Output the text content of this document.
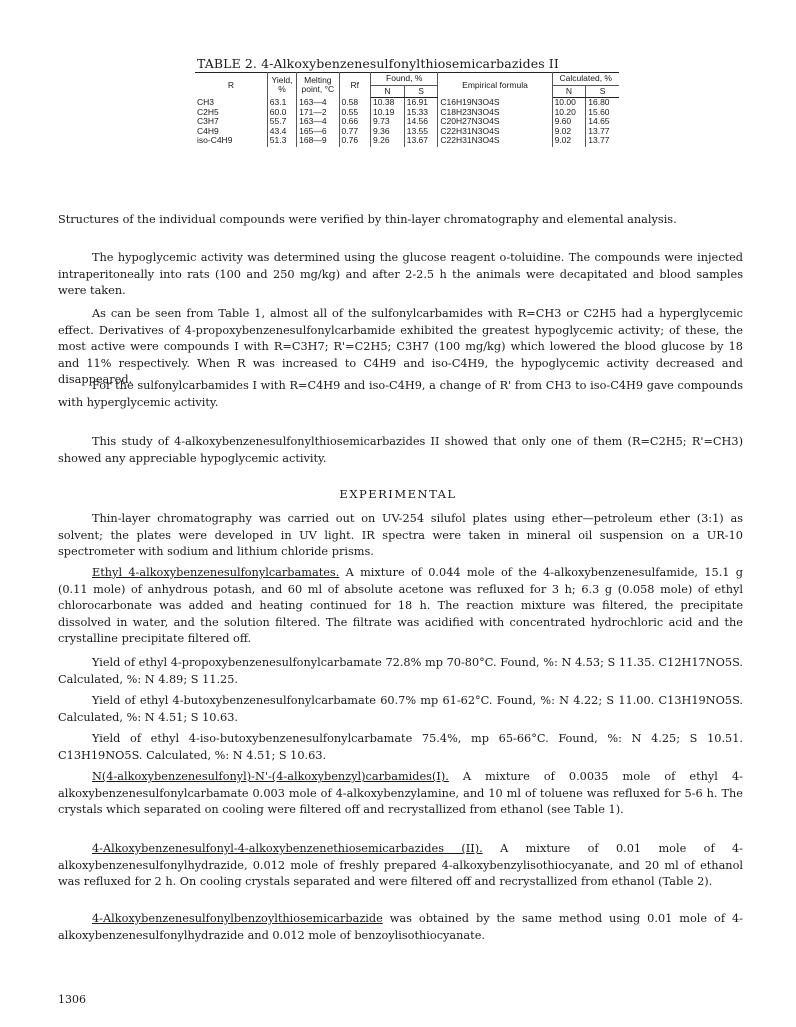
TABLE 2. 4-Alkoxybenzenesulfonylthiosemicarbazides II
R	Yield, %	Melting point, °C	Rf	Found, %		Empirical formula	Calculated, %	
				N	S		N	S
CH3	63.1	163—4	0.58	10.38	16.91	C16H19N3O4S	10.00	16.80
C2H5	60.0	171—2	0.55	10.19	15.33	C18H23N3O4S	10.20	15.60
C3H7	55.7	163—4	0.66	9.73	14.56	C20H27N3O4S	9.60	14.65
C4H9	43.4	165—6	0.77	9.36	13.55	C22H31N3O4S	9.02	13.77
iso-C4H9	51.3	168—9	0.76	9.26	13.67	C22H31N3O4S	9.02	13.77

Structures of the individual compounds were verified by thin-layer chromatography and elemental analysis.

The hypoglycemic activity was determined using the glucose reagent o-toluidine. The compounds were injected intraperitoneally into rats (100 and 250 mg/kg) and after 2-2.5 h the animals were decapitated and blood samples were taken.

As can be seen from Table 1, almost all of the sulfonylcarbamides with R=CH3 or C2H5 had a hyperglycemic effect. Derivatives of 4-propoxybenzenesulfonylcarbamide exhibited the greatest hypoglycemic activity; of these, the most active were compounds I with R=C3H7; R'=C2H5; C3H7 (100 mg/kg) which lowered the blood glucose by 18 and 11% respectively. When R was increased to C4H9 and iso-C4H9, the hypoglycemic activity decreased and disappeared.

For the sulfonylcarbamides I with R=C4H9 and iso-C4H9, a change of R' from CH3 to iso-C4H9 gave compounds with hyperglycemic activity.

This study of 4-alkoxybenzenesulfonylthiosemicarbazides II showed that only one of them (R=C2H5; R'=CH3) showed any appreciable hypoglycemic activity.

EXPERIMENTAL

Thin-layer chromatography was carried out on UV-254 silufol plates using ether—petroleum ether (3:1) as solvent; the plates were developed in UV light. IR spectra were taken in mineral oil suspension on a UR-10 spectrometer with sodium and lithium chloride prisms.

Ethyl 4-alkoxybenzenesulfonylcarbamates. A mixture of 0.044 mole of the 4-alkoxybenzenesulfamide, 15.1 g (0.11 mole) of anhydrous potash, and 60 ml of absolute acetone was refluxed for 3 h; 6.3 g (0.058 mole) of ethyl chlorocarbonate was added and heating continued for 18 h. The reaction mixture was filtered, the precipitate dissolved in water, and the solution filtered. The filtrate was acidified with concentrated hydrochloric acid and the crystalline precipitate filtered off.

Yield of ethyl 4-propoxybenzenesulfonylcarbamate 72.8% mp 70-80°C. Found, %: N 4.53; S 11.35. C12H17NO5S. Calculated, %: N 4.89; S 11.25.

Yield of ethyl 4-butoxybenzenesulfonylcarbamate 60.7% mp 61-62°C. Found, %: N 4.22; S 11.00. C13H19NO5S. Calculated, %: N 4.51; S 10.63.

Yield of ethyl 4-iso-butoxybenzenesulfonylcarbamate 75.4%, mp 65-66°C. Found, %: N 4.25; S 10.51. C13H19NO5S. Calculated, %: N 4.51; S 10.63.

N(4-alkoxybenzenesulfonyl)-N'-(4-alkoxybenzyl)carbamides(I). A mixture of 0.0035 mole of ethyl 4-alkoxybenzenesulfonylcarbamate 0.003 mole of 4-alkoxybenzylamine, and 10 ml of toluene was refluxed for 5-6 h. The crystals which separated on cooling were filtered off and recrystallized from ethanol (see Table 1).

4-Alkoxybenzenesulfonyl-4-alkoxybenzenethiosemicarbazides (II). A mixture of 0.01 mole of 4-alkoxybenzenesulfonylhydrazide, 0.012 mole of freshly prepared 4-alkoxybenzylisothiocyanate, and 20 ml of ethanol was refluxed for 2 h. On cooling crystals separated and were filtered off and recrystallized from ethanol (Table 2).

4-Alkoxybenzenesulfonylbenzoylthiosemicarbazide was obtained by the same method using 0.01 mole of 4-alkoxybenzenesulfonylhydrazide and 0.012 mole of benzoylisothiocyanate.

1306
